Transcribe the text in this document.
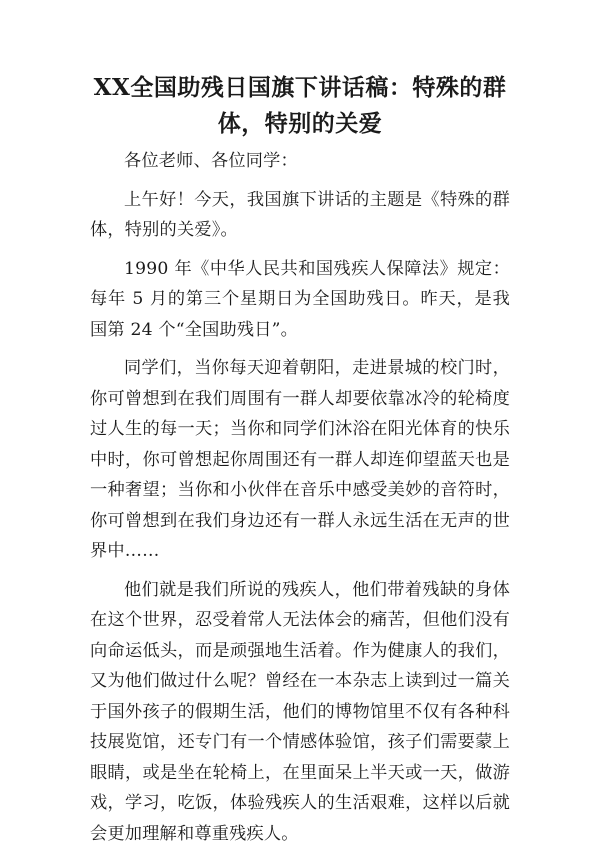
XX全国助残日国旗下讲话稿：特殊的群体，特别的关爱

各位老师、各位同学：

上午好！今天，我国旗下讲话的主题是《特殊的群体，特别的关爱》。

1990 年《中华人民共和国残疾人保障法》规定：每年 5 月的第三个星期日为全国助残日。昨天，是我国第 24 个“全国助残日”。

同学们，当你每天迎着朝阳，走进景城的校门时，你可曾想到在我们周围有一群人却要依靠冰冷的轮椅度过人生的每一天；当你和同学们沐浴在阳光体育的快乐中时，你可曾想起你周围还有一群人却连仰望蓝天也是一种奢望；当你和小伙伴在音乐中感受美妙的音符时，你可曾想到在我们身边还有一群人永远生活在无声的世界中……

他们就是我们所说的残疾人，他们带着残缺的身体在这个世界，忍受着常人无法体会的痛苦，但他们没有向命运低头，而是顽强地生活着。作为健康人的我们，又为他们做过什么呢？曾经在一本杂志上读到过一篇关于国外孩子的假期生活，他们的博物馆里不仅有各种科技展览馆，还专门有一个情感体验馆，孩子们需要蒙上眼睛，或是坐在轮椅上，在里面呆上半天或一天，做游戏，学习，吃饭，体验残疾人的生活艰难，这样以后就会更加理解和尊重残疾人。
